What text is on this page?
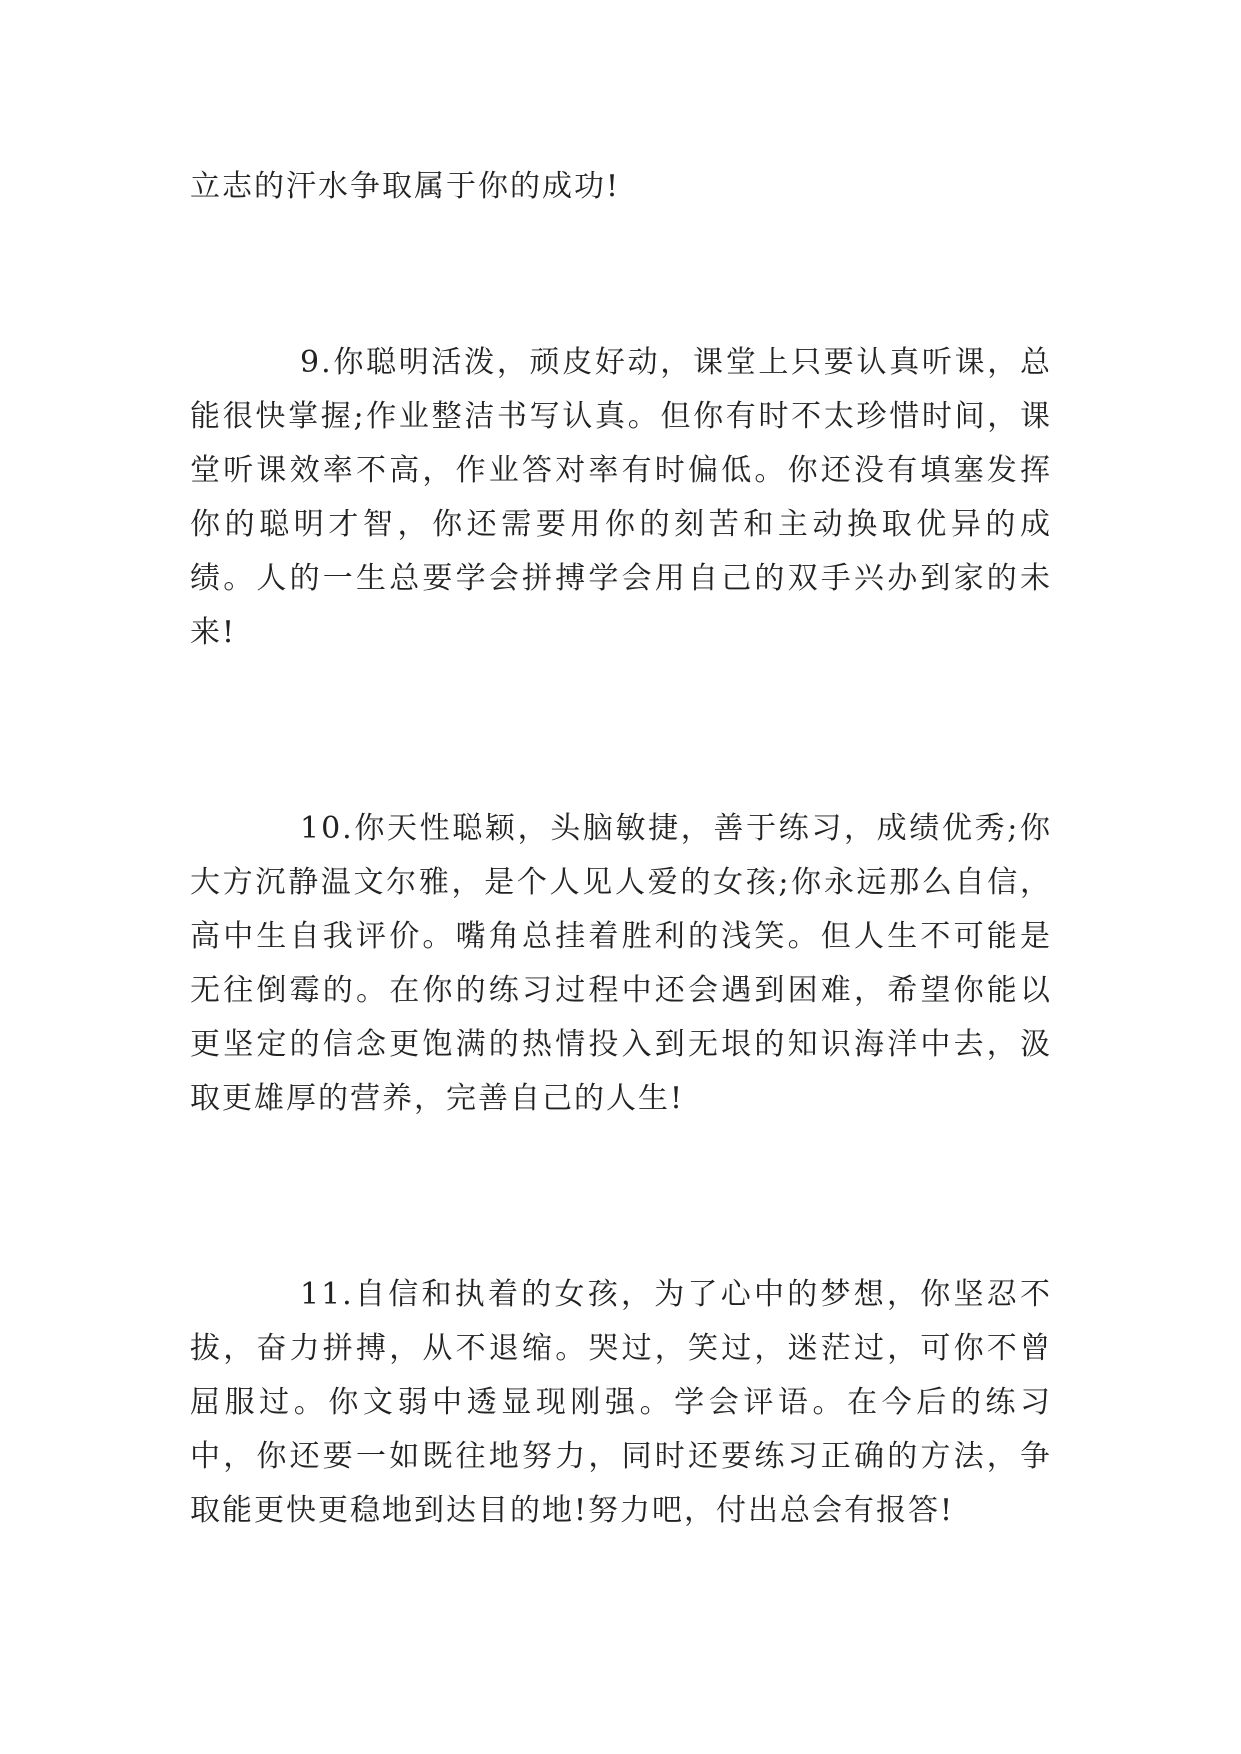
立志的汗水争取属于你的成功!

9.你聪明活泼，顽皮好动，课堂上只要认真听课，总能很快掌握;作业整洁书写认真。但你有时不太珍惜时间，课堂听课效率不高，作业答对率有时偏低。你还没有填塞发挥你的聪明才智，你还需要用你的刻苦和主动换取优异的成绩。人的一生总要学会拼搏学会用自己的双手兴办到家的未来!

10.你天性聪颖，头脑敏捷，善于练习，成绩优秀;你大方沉静温文尔雅，是个人见人爱的女孩;你永远那么自信，高中生自我评价。嘴角总挂着胜利的浅笑。但人生不可能是无往倒霉的。在你的练习过程中还会遇到困难，希望你能以更坚定的信念更饱满的热情投入到无垠的知识海洋中去，汲取更雄厚的营养，完善自己的人生!

11.自信和执着的女孩，为了心中的梦想，你坚忍不拔，奋力拼搏，从不退缩。哭过，笑过，迷茫过，可你不曾屈服过。你文弱中透显现刚强。学会评语。在今后的练习中，你还要一如既往地努力，同时还要练习正确的方法，争取能更快更稳地到达目的地!努力吧，付出总会有报答!
